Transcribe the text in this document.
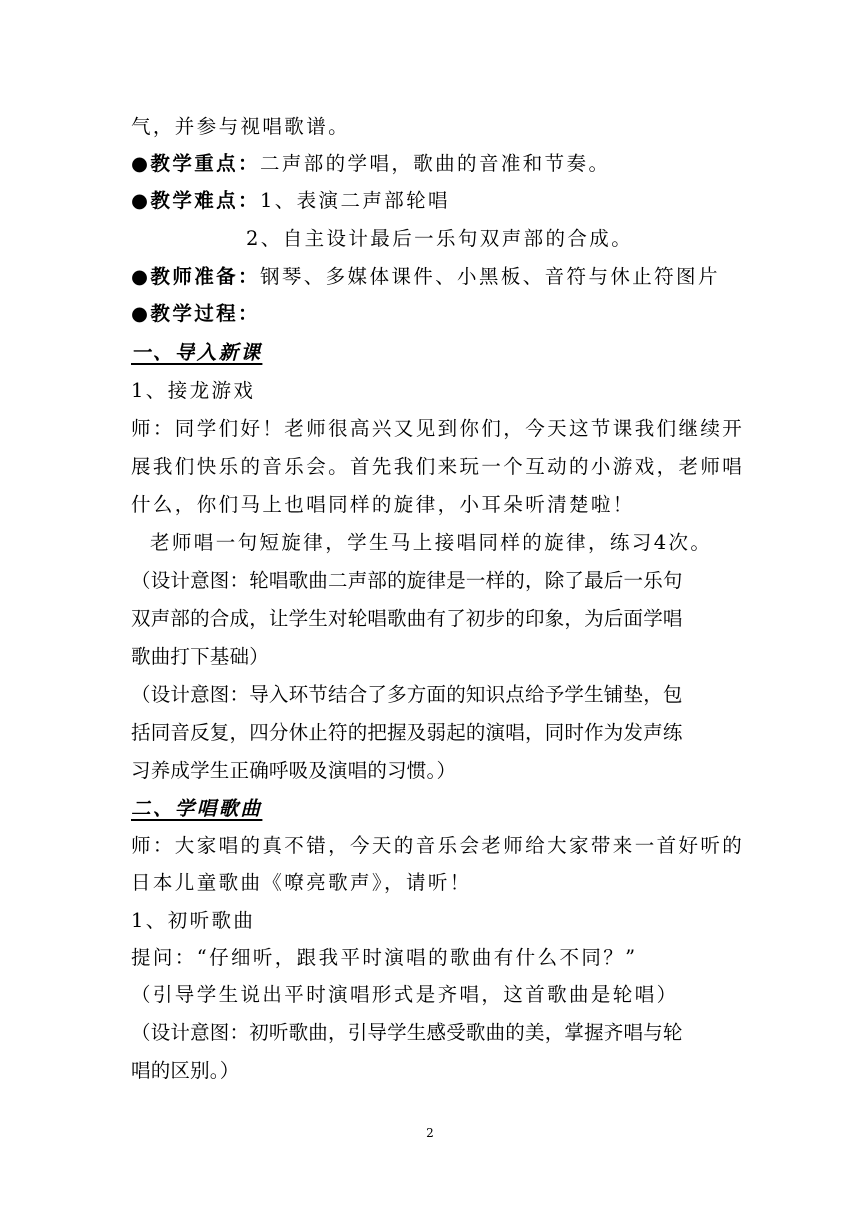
气，并参与视唱歌谱。
●教学重点：二声部的学唱，歌曲的音准和节奏。
●教学难点：1、表演二声部轮唱
2、自主设计最后一乐句双声部的合成。
●教师准备：钢琴、多媒体课件、小黑板、音符与休止符图片
●教学过程：
一、导入新课
1、接龙游戏
师：同学们好！老师很高兴又见到你们，今天这节课我们继续开
展我们快乐的音乐会。首先我们来玩一个互动的小游戏，老师唱
什么，你们马上也唱同样的旋律，小耳朵听清楚啦！
老师唱一句短旋律，学生马上接唱同样的旋律，练习4次。
（设计意图：轮唱歌曲二声部的旋律是一样的，除了最后一乐句
双声部的合成，让学生对轮唱歌曲有了初步的印象，为后面学唱
歌曲打下基础）
（设计意图：导入环节结合了多方面的知识点给予学生铺垫，包
括同音反复，四分休止符的把握及弱起的演唱，同时作为发声练
习养成学生正确呼吸及演唱的习惯。）
二、学唱歌曲
师：大家唱的真不错，今天的音乐会老师给大家带来一首好听的
日本儿童歌曲《嘹亮歌声》，请听！
1、初听歌曲
提问：“仔细听，跟我平时演唱的歌曲有什么不同？”
（引导学生说出平时演唱形式是齐唱，这首歌曲是轮唱）
（设计意图：初听歌曲，引导学生感受歌曲的美，掌握齐唱与轮
唱的区别。）
2
